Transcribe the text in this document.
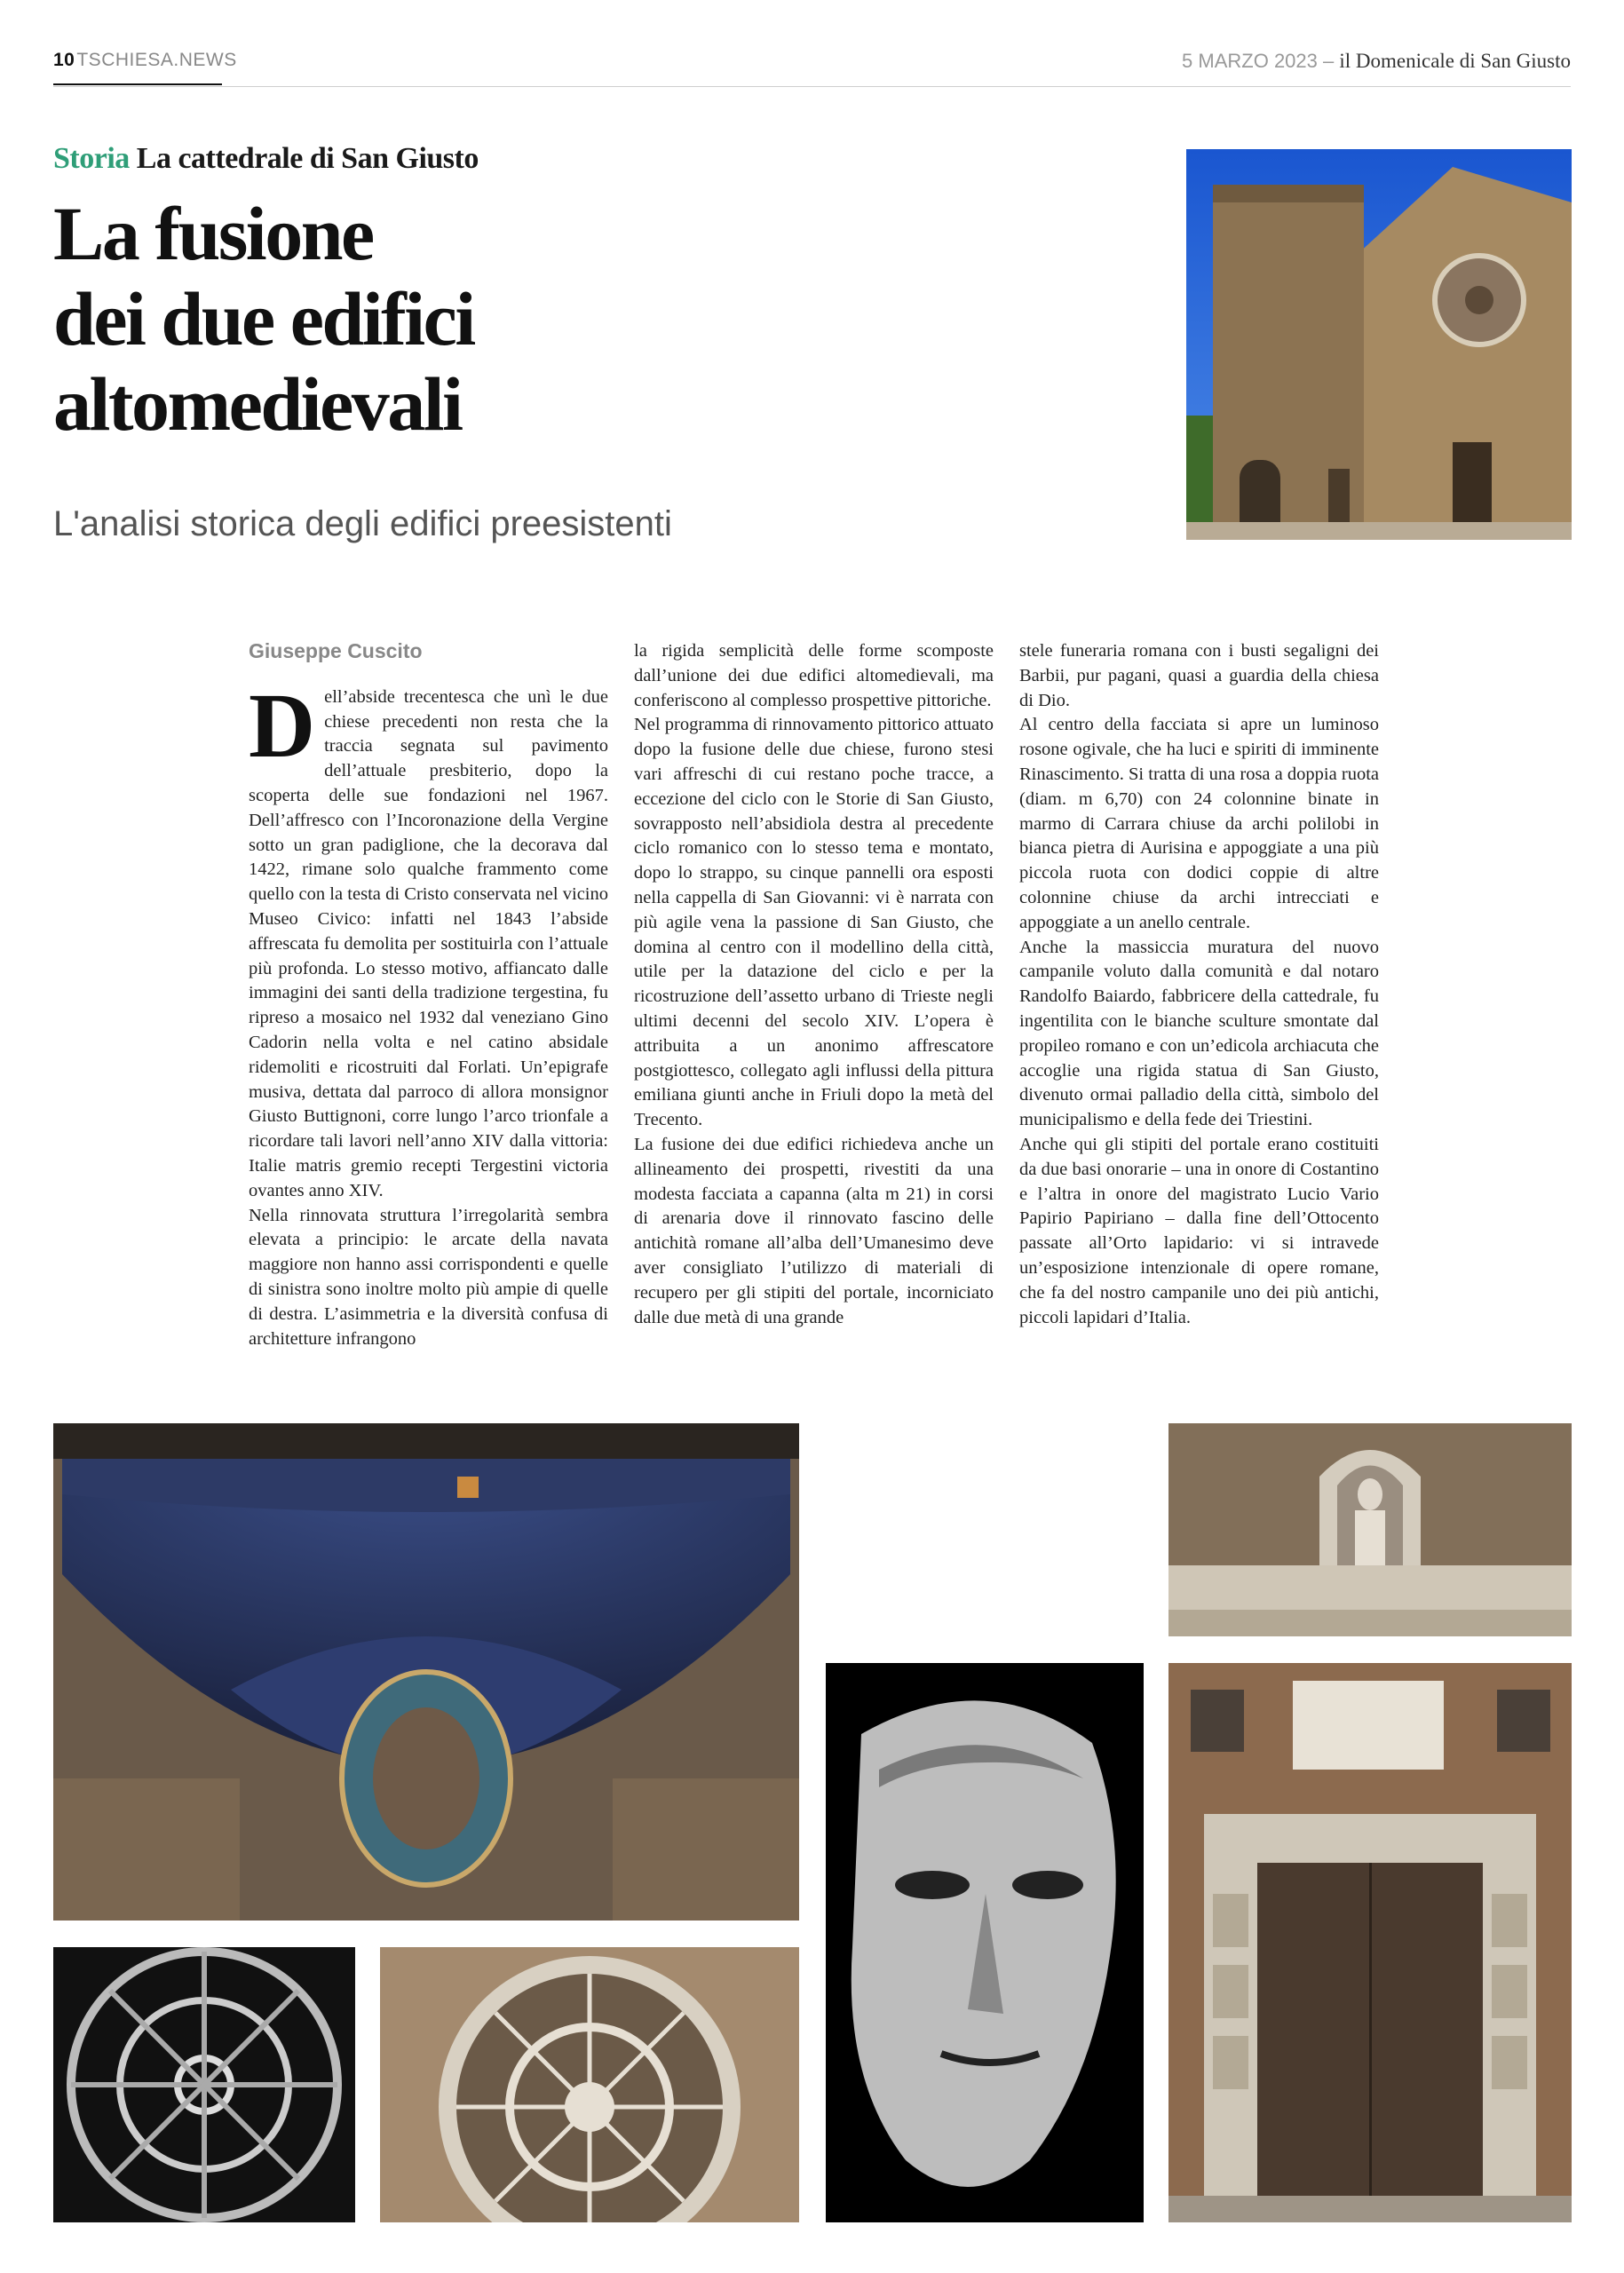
10TSCHIESA.NEWS	5 MARZO 2023 – il Domenicale di San Giusto
Storia La cattedrale di San Giusto
La fusione
dei due edifici
altomedievali
L'analisi storica degli edifici preesistenti
Giuseppe Cuscito

Dell’abside trecentesca che unì le due chiese precedenti non resta che la traccia segnata sul pavimento dell’attuale presbiterio, dopo la scoperta delle sue fondazioni nel 1967. Dell’affresco con l’Incoronazione della Vergine sotto un gran padiglione, che la decorava dal 1422, rimane solo qualche frammento come quello con la testa di Cristo conservata nel vicino Museo Civico: infatti nel 1843 l’abside affrescata fu demolita per sostituirla con l’attuale più profonda. Lo stesso motivo, affiancato dalle immagini dei santi della tradizione tergestina, fu ripreso a mosaico nel 1932 dal veneziano Gino Cadorin nella volta e nel catino absidale ridemoliti e ricostruiti dal Forlati. Un’epigrafe musiva, dettata dal parroco di allora monsignor Giusto Buttignoni, corre lungo l’arco trionfale a ricordare tali lavori nell’anno XIV dalla vittoria: Italie matris gremio recepti Tergestini victoria ovantes anno XIV.

Nella rinnovata struttura l’irregolarità sembra elevata a principio: le arcate della navata maggiore non hanno assi corrispondenti e quelle di sinistra sono inoltre molto più ampie di quelle di destra. L’asimmetria e la diversità confusa di architetture infrangono

la rigida semplicità delle forme scomposte dall’unione dei due edifici altomedievali, ma conferiscono al complesso prospettive pittoriche.

Nel programma di rinnovamento pittorico attuato dopo la fusione delle due chiese, furono stesi vari affreschi di cui restano poche tracce, a eccezione del ciclo con le Storie di San Giusto, sovrapposto nell’absidiola destra al precedente ciclo romanico con lo stesso tema e montato, dopo lo strappo, su cinque pannelli ora esposti nella cappella di San Giovanni: vi è narrata con più agile vena la passione di San Giusto, che domina al centro con il modellino della città, utile per la datazione del ciclo e per la ricostruzione dell’assetto urbano di Trieste negli ultimi decenni del secolo XIV. L’opera è attribuita a un anonimo affrescatore postgiottesco, collegato agli influssi della pittura emiliana giunti anche in Friuli dopo la metà del Trecento.

La fusione dei due edifici richiedeva anche un allineamento dei prospetti, rivestiti da una modesta facciata a capanna (alta m 21) in corsi di arenaria dove il rinnovato fascino delle antichità romane all’alba dell’Umanesimo deve aver consigliato l’utilizzo di materiali di recupero per gli stipiti del portale, incorniciato dalle due metà di una grande

stele funeraria romana con i busti segaligni dei Barbii, pur pagani, quasi a guardia della chiesa di Dio.

Al centro della facciata si apre un luminoso rosone ogivale, che ha luci e spiriti di imminente Rinascimento. Si tratta di una rosa a doppia ruota (diam. m 6,70) con 24 colonnine binate in marmo di Carrara chiuse da archi polilobi in bianca pietra di Aurisina e appoggiate a una più piccola ruota con dodici coppie di altre colonnine chiuse da archi intrecciati e appoggiate a un anello centrale.

Anche la massiccia muratura del nuovo campanile voluto dalla comunità e dal notaro Randolfo Baiardo, fabbricere della cattedrale, fu ingentilita con le bianche sculture smontate dal propileo romano e con un’edicola archiacuta che accoglie una rigida statua di San Giusto, divenuto ormai palladio della città, simbolo del municipalismo e della fede dei Triestini.

Anche qui gli stipiti del portale erano costituiti da due basi onorarie – una in onore di Costantino e l’altra in onore del magistrato Lucio Vario Papirio Papiriano – dalla fine dell’Ottocento passate all’Orto lapidario: vi si intravede un’esposizione intenzionale di opere romane, che fa del nostro campanile uno dei più antichi, piccoli lapidari d’Italia.
